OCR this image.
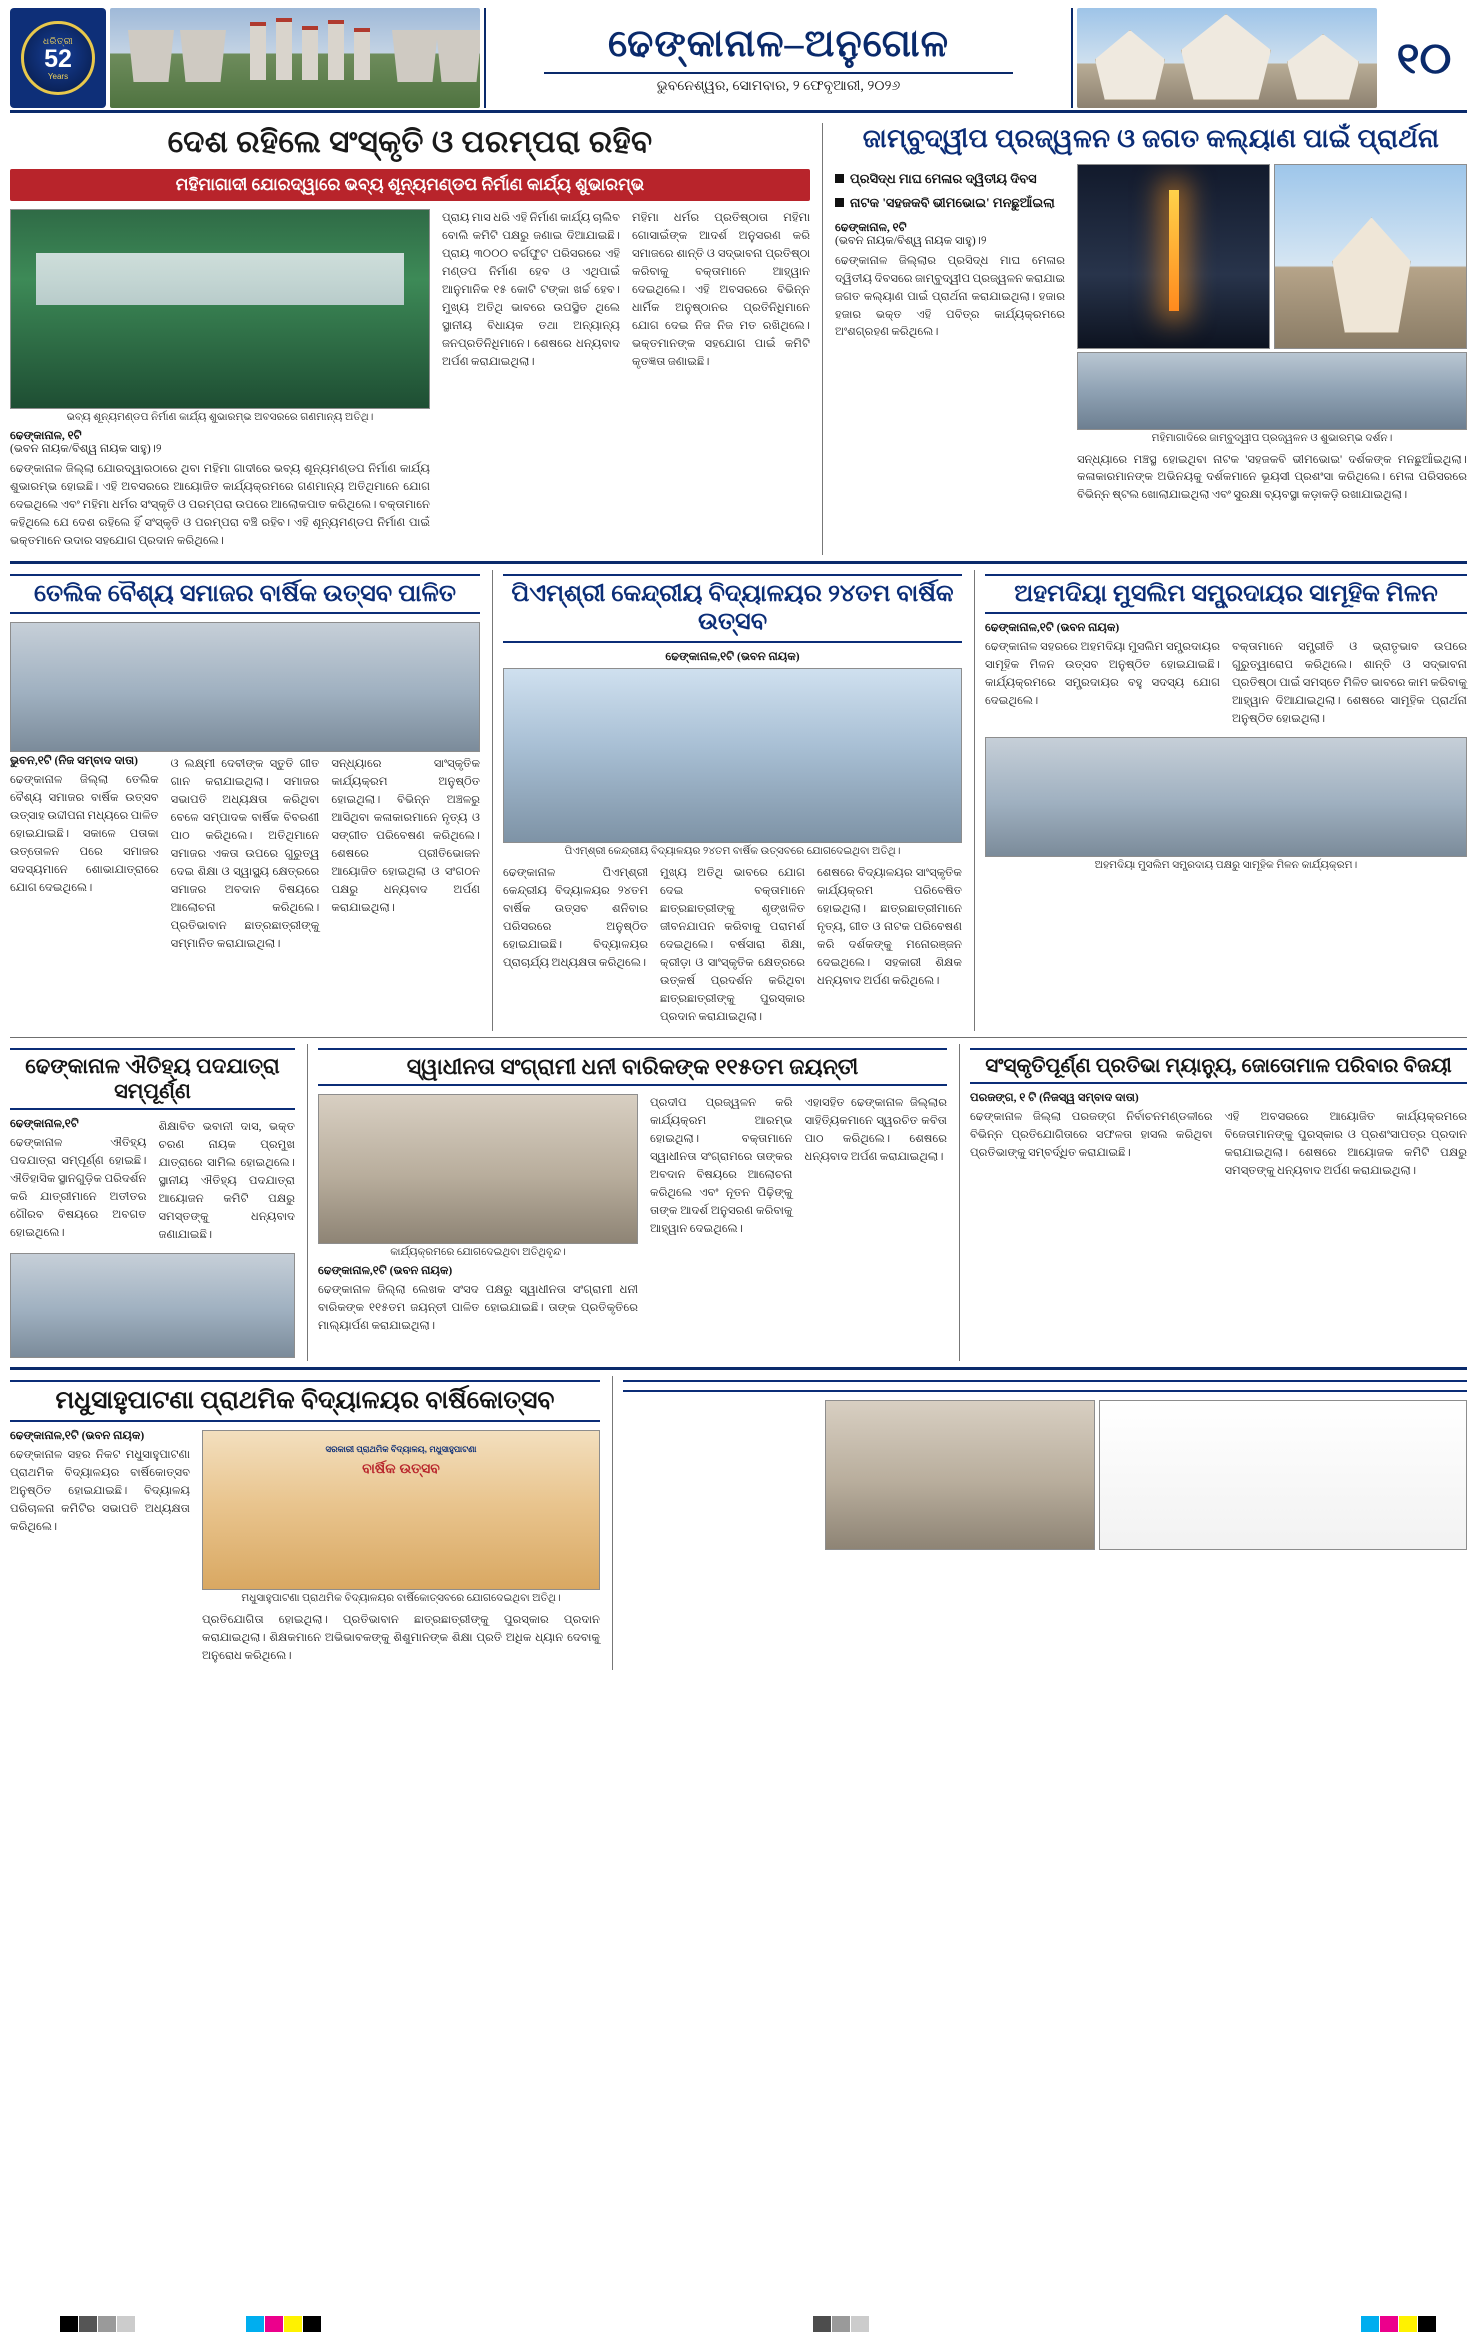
ଧରିତ୍ରୀ
52
Years
ଢେଙ୍କାନାଳ–ଅନୁଗୋଳ
ଭୁବନେଶ୍ୱର, ସୋମବାର, ୨ ଫେବୃଆରୀ, ୨୦୨୬
୧୦
ଦେଶ ରହିଲେ ସଂସ୍କୃତି ଓ ପରମ୍ପରା ରହିବ
ମହିମାଗାଦୀ ଯୋରଦ୍ୱାରେ ଭବ୍ୟ ଶୂନ୍ୟମଣ୍ଡପ ନିର୍ମାଣ କାର୍ଯ୍ୟ ଶୁଭାରମ୍ଭ
ଭବ୍ୟ ଶୂନ୍ୟମଣ୍ଡପ ନିର୍ମାଣ କାର୍ଯ୍ୟ ଶୁଭାରମ୍ଭ ଅବସରରେ ଗଣମାନ୍ୟ ଅତିଥି।
ଢେଙ୍କାନାଳ, ୧ଟି
(ଭବନ ନାୟକ/ବିଶ୍ୱ ନାୟକ ସାହୁ)।୨

ଢେଙ୍କାନାଳ ଜିଲ୍ଲା ଯୋରଦ୍ୱାରଠାରେ ଥିବା ମହିମା ଗାଦୀରେ ଭବ୍ୟ ଶୂନ୍ୟମଣ୍ଡପ ନିର୍ମାଣ କାର୍ଯ୍ୟ ଶୁଭାରମ୍ଭ ହୋଇଛି। ଏହି ଅବସରରେ ଆୟୋଜିତ କାର୍ଯ୍ୟକ୍ରମରେ ଗଣମାନ୍ୟ ଅତିଥିମାନେ ଯୋଗ ଦେଇଥିଲେ ଏବଂ ମହିମା ଧର୍ମର ସଂସ୍କୃତି ଓ ପରମ୍ପରା ଉପରେ ଆଲୋକପାତ କରିଥିଲେ। ବକ୍ତାମାନେ କହିଥିଲେ ଯେ ଦେଶ ରହିଲେ ହିଁ ସଂସ୍କୃତି ଓ ପରମ୍ପରା ବଞ୍ଚି ରହିବ। ଏହି ଶୂନ୍ୟମଣ୍ଡପ ନିର୍ମାଣ ପାଇଁ ଭକ୍ତମାନେ ଉଦାର ସହଯୋଗ ପ୍ରଦାନ କରିଥିଲେ।

ପ୍ରାୟ ମାସ ଧରି ଏହି ନିର୍ମାଣ କାର୍ଯ୍ୟ ଚାଲିବ ବୋଲି କମିଟି ପକ୍ଷରୁ ଜଣାଇ ଦିଆଯାଇଛି। ପ୍ରାୟ ୩୦୦୦ ବର୍ଗଫୁଟ ପରିସରରେ ଏହି ମଣ୍ଡପ ନିର୍ମାଣ ହେବ ଓ ଏଥିପାଇଁ ଆନୁମାନିକ ୧୫ କୋଟି ଟଙ୍କା ଖର୍ଚ୍ଚ ହେବ। ମୁଖ୍ୟ ଅତିଥି ଭାବରେ ଉପସ୍ଥିତ ଥିଲେ ସ୍ଥାନୀୟ ବିଧାୟକ ତଥା ଅନ୍ୟାନ୍ୟ ଜନପ୍ରତିନିଧିମାନେ। ଶେଷରେ ଧନ୍ୟବାଦ ଅର୍ପଣ କରାଯାଇଥିଲା।

ମହିମା ଧର୍ମର ପ୍ରତିଷ୍ଠାତା ମହିମା ଗୋସାଇଁଙ୍କ ଆଦର୍ଶ ଅନୁସରଣ କରି ସମାଜରେ ଶାନ୍ତି ଓ ସଦ୍ଭାବନା ପ୍ରତିଷ୍ଠା କରିବାକୁ ବକ୍ତାମାନେ ଆହ୍ୱାନ ଦେଇଥିଲେ। ଏହି ଅବସରରେ ବିଭିନ୍ନ ଧାର୍ମିକ ଅନୁଷ୍ଠାନର ପ୍ରତିନିଧିମାନେ ଯୋଗ ଦେଇ ନିଜ ନିଜ ମତ ରଖିଥିଲେ। ଭକ୍ତମାନଙ୍କ ସହଯୋଗ ପାଇଁ କମିଟି କୃତଜ୍ଞତା ଜଣାଇଛି।

ଜାମ୍ବୁଦ୍ୱୀପ ପ୍ରଜ୍ୱଳନ ଓ ଜଗତ କଲ୍ୟାଣ ପାଇଁ ପ୍ରାର୍ଥନା
ପ୍ରସିଦ୍ଧ ମାଘ ମେଳାର ଦ୍ୱିତୀୟ ଦିବସ
ନାଟକ 'ସହଜକବି ଭୀମଭୋଇ' ମନଛୁଆଁଇଲା
ଢେଙ୍କାନାଳ, ୧ଟି
(ଭବନ ନାୟକ/ବିଶ୍ୱ ନାୟକ ସାହୁ)।୨

ଢେଙ୍କାନାଳ ଜିଲ୍ଲାର ପ୍ରସିଦ୍ଧ ମାଘ ମେଳାର ଦ୍ୱିତୀୟ ଦିବସରେ ଜାମ୍ବୁଦ୍ୱୀପ ପ୍ରଜ୍ୱଳନ କରାଯାଇ ଜଗତ କଲ୍ୟାଣ ପାଇଁ ପ୍ରାର୍ଥନା କରାଯାଇଥିଲା। ହଜାର ହଜାର ଭକ୍ତ ଏହି ପବିତ୍ର କାର୍ଯ୍ୟକ୍ରମରେ ଅଂଶଗ୍ରହଣ କରିଥିଲେ।

ମହିମାଗାଦିରେ ଜାମ୍ବୁଦ୍ୱୀପ ପ୍ରଜ୍ୱଳନ ଓ ଶୁଭାରମ୍ଭ ଦର୍ଶନ।

ସନ୍ଧ୍ୟାରେ ମଞ୍ଚସ୍ଥ ହୋଇଥିବା ନାଟକ 'ସହଜକବି ଭୀମଭୋଇ' ଦର୍ଶକଙ୍କ ମନଛୁଆଁଇଥିଲା। କଳାକାରମାନଙ୍କ ଅଭିନୟକୁ ଦର୍ଶକମାନେ ଭୂୟସୀ ପ୍ରଶଂସା କରିଥିଲେ। ମେଳା ପରିସରରେ ବିଭିନ୍ନ ଷ୍ଟଲ ଖୋଲାଯାଇଥିଲା ଏବଂ ସୁରକ୍ଷା ବ୍ୟବସ୍ଥା କଡ଼ାକଡ଼ି ରଖାଯାଇଥିଲା।

ତେଲିକ ବୈଶ୍ୟ ସମାଜର ବାର୍ଷିକ ଉତ୍ସବ ପାଳିତ
ଭୁବନ,୧ଟି (ନିଜ ସମ୍ବାଦ ଦାତା)

ଢେଙ୍କାନାଳ ଜିଲ୍ଲା ତେଲିକ ବୈଶ୍ୟ ସମାଜର ବାର୍ଷିକ ଉତ୍ସବ ଉତ୍ସାହ ଉଦ୍ଦୀପନା ମଧ୍ୟରେ ପାଳିତ ହୋଇଯାଇଛି। ସକାଳେ ପତାକା ଉତ୍ତୋଳନ ପରେ ସମାଜର ସଦସ୍ୟମାନେ ଶୋଭାଯାତ୍ରାରେ ଯୋଗ ଦେଇଥିଲେ।

ଓ ଲକ୍ଷ୍ମୀ ଦେବୀଙ୍କ ସ୍ତୁତି ଗୀତ ଗାନ କରାଯାଇଥିଲା। ସମାଜର ସଭାପତି ଅଧ୍ୟକ୍ଷତା କରିଥିବା ବେଳେ ସମ୍ପାଦକ ବାର୍ଷିକ ବିବରଣୀ ପାଠ କରିଥିଲେ। ଅତିଥିମାନେ ସମାଜର ଏକତା ଉପରେ ଗୁରୁତ୍ୱ ଦେଇ ଶିକ୍ଷା ଓ ସ୍ୱାସ୍ଥ୍ୟ କ୍ଷେତ୍ରରେ ସମାଜର ଅବଦାନ ବିଷୟରେ ଆଲୋଚନା କରିଥିଲେ। ପ୍ରତିଭାବାନ ଛାତ୍ରଛାତ୍ରୀଙ୍କୁ ସମ୍ମାନିତ କରାଯାଇଥିଲା।

ସନ୍ଧ୍ୟାରେ ସାଂସ୍କୃତିକ କାର୍ଯ୍ୟକ୍ରମ ଅନୁଷ୍ଠିତ ହୋଇଥିଲା। ବିଭିନ୍ନ ଅଞ୍ଚଳରୁ ଆସିଥିବା କଳାକାରମାନେ ନୃତ୍ୟ ଓ ସଙ୍ଗୀତ ପରିବେଷଣ କରିଥିଲେ। ଶେଷରେ ପ୍ରୀତିଭୋଜନ ଆୟୋଜିତ ହୋଇଥିଲା ଓ ସଂଗଠନ ପକ୍ଷରୁ ଧନ୍ୟବାଦ ଅର୍ପଣ କରାଯାଇଥିଲା।

ପିଏମ୍‌ଶ୍ରୀ କେନ୍ଦ୍ରୀୟ ବିଦ୍ୟାଳୟର ୨୪ତମ ବାର୍ଷିକ ଉତ୍ସବ
ଢେଙ୍କାନାଳ,୧ଟି (ଭବନ ନାୟକ)
ପିଏମ୍‌ଶ୍ରୀ କେନ୍ଦ୍ରୀୟ ବିଦ୍ୟାଳୟର ୨୪ତମ ବାର୍ଷିକ ଉତ୍ସବରେ ଯୋଗଦେଇଥିବା ଅତିଥି।

ଢେଙ୍କାନାଳ ପିଏମ୍‌ଶ୍ରୀ କେନ୍ଦ୍ରୀୟ ବିଦ୍ୟାଳୟର ୨୪ତମ ବାର୍ଷିକ ଉତ୍ସବ ଶନିବାର ପରିସରରେ ଅନୁଷ୍ଠିତ ହୋଇଯାଇଛି। ବିଦ୍ୟାଳୟର ପ୍ରାଚାର୍ଯ୍ୟ ଅଧ୍ୟକ୍ଷତା କରିଥିଲେ।

ମୁଖ୍ୟ ଅତିଥି ଭାବରେ ଯୋଗ ଦେଇ ବକ୍ତାମାନେ ଛାତ୍ରଛାତ୍ରୀଙ୍କୁ ଶୃଙ୍ଖଳିତ ଜୀବନଯାପନ କରିବାକୁ ପରାମର୍ଶ ଦେଇଥିଲେ। ବର୍ଷସାରା ଶିକ୍ଷା, କ୍ରୀଡ଼ା ଓ ସାଂସ୍କୃତିକ କ୍ଷେତ୍ରରେ ଉତ୍କର୍ଷ ପ୍ରଦର୍ଶନ କରିଥିବା ଛାତ୍ରଛାତ୍ରୀଙ୍କୁ ପୁରସ୍କାର ପ୍ରଦାନ କରାଯାଇଥିଲା।

ଶେଷରେ ବିଦ୍ୟାଳୟର ସାଂସ୍କୃତିକ କାର୍ଯ୍ୟକ୍ରମ ପରିବେଷିତ ହୋଇଥିଲା। ଛାତ୍ରଛାତ୍ରୀମାନେ ନୃତ୍ୟ, ଗୀତ ଓ ନାଟକ ପରିବେଷଣ କରି ଦର୍ଶକଙ୍କୁ ମନୋରଞ୍ଜନ ଦେଇଥିଲେ। ସହକାରୀ ଶିକ୍ଷକ ଧନ୍ୟବାଦ ଅର୍ପଣ କରିଥିଲେ।

ଅହମଦିୟା ମୁସଲିମ ସମ୍ପ୍ରଦାୟର ସାମୂହିକ ମିଳନ
ଢେଙ୍କାନାଳ,୧ଟି (ଭବନ ନାୟକ)

ଢେଙ୍କାନାଳ ସହରରେ ଅହମଦିୟା ମୁସଲିମ ସମ୍ପ୍ରଦାୟର ସାମୂହିକ ମିଳନ ଉତ୍ସବ ଅନୁଷ୍ଠିତ ହୋଇଯାଇଛି। କାର୍ଯ୍ୟକ୍ରମରେ ସମ୍ପ୍ରଦାୟର ବହୁ ସଦସ୍ୟ ଯୋଗ ଦେଇଥିଲେ।

ବକ୍ତାମାନେ ସମ୍ପ୍ରୀତି ଓ ଭ୍ରାତୃଭାବ ଉପରେ ଗୁରୁତ୍ୱାରୋପ କରିଥିଲେ। ଶାନ୍ତି ଓ ସଦ୍ଭାବନା ପ୍ରତିଷ୍ଠା ପାଇଁ ସମସ୍ତେ ମିଳିତ ଭାବରେ କାମ କରିବାକୁ ଆହ୍ୱାନ ଦିଆଯାଇଥିଲା। ଶେଷରେ ସାମୂହିକ ପ୍ରାର୍ଥନା ଅନୁଷ୍ଠିତ ହୋଇଥିଲା।

ଅହମଦିୟା ମୁସଲିମ ସମ୍ପ୍ରଦାୟ ପକ୍ଷରୁ ସାମୂହିକ ମିଳନ କାର୍ଯ୍ୟକ୍ରମ।
ଢେଙ୍କାନାଳ ଐତିହ୍ୟ ପଦଯାତ୍ରା ସମ୍ପୂର୍ଣ୍ଣ
ଢେଙ୍କାନାଳ,୧ଟି

ଢେଙ୍କାନାଳ ଐତିହ୍ୟ ପଦଯାତ୍ରା ସମ୍ପୂର୍ଣ୍ଣ ହୋଇଛି। ଐତିହାସିକ ସ୍ଥାନଗୁଡ଼ିକ ପରିଦର୍ଶନ କରି ଯାତ୍ରୀମାନେ ଅତୀତର ଗୌରବ ବିଷୟରେ ଅବଗତ ହୋଇଥିଲେ।

ଶିକ୍ଷାବିତ ଭବାନୀ ଦାସ, ଭକ୍ତ ଚରଣ ନାୟକ ପ୍ରମୁଖ ଯାତ୍ରାରେ ସାମିଲ ହୋଇଥିଲେ। ସ୍ଥାନୀୟ ଐତିହ୍ୟ ପଦଯାତ୍ରା ଆୟୋଜନ କମିଟି ପକ୍ଷରୁ ସମସ୍ତଙ୍କୁ ଧନ୍ୟବାଦ ଜଣାଯାଇଛି।

ସ୍ୱାଧୀନତା ସଂଗ୍ରାମୀ ଧନୀ ବାରିକଙ୍କ ୧୧୫ତମ ଜୟନ୍ତୀ
କାର୍ଯ୍ୟକ୍ରମରେ ଯୋଗଦେଇଥିବା ଅତିଥିବୃନ୍ଦ।
ଢେଙ୍କାନାଳ,୧ଟି (ଭବନ ନାୟକ)

ଢେଙ୍କାନାଳ ଜିଲ୍ଲା ଲେଖକ ସଂସଦ ପକ୍ଷରୁ ସ୍ୱାଧୀନତା ସଂଗ୍ରାମୀ ଧନୀ ବାରିକଙ୍କ ୧୧୫ତମ ଜୟନ୍ତୀ ପାଳିତ ହୋଇଯାଇଛି। ତାଙ୍କ ପ୍ରତିକୃତିରେ ମାଲ୍ୟାର୍ପଣ କରାଯାଇଥିଲା।

ପ୍ରଦୀପ ପ୍ରଜ୍ୱଳନ କରି କାର୍ଯ୍ୟକ୍ରମ ଆରମ୍ଭ ହୋଇଥିଲା। ବକ୍ତାମାନେ ସ୍ୱାଧୀନତା ସଂଗ୍ରାମରେ ତାଙ୍କର ଅବଦାନ ବିଷୟରେ ଆଲୋଚନା କରିଥିଲେ ଏବଂ ନୂତନ ପିଢ଼ିଙ୍କୁ ତାଙ୍କ ଆଦର୍ଶ ଅନୁସରଣ କରିବାକୁ ଆହ୍ୱାନ ଦେଇଥିଲେ।

ଏହାସହିତ ଢେଙ୍କାନାଳ ଜିଲ୍ଲାର ସାହିତ୍ୟିକମାନେ ସ୍ୱରଚିତ କବିତା ପାଠ କରିଥିଲେ। ଶେଷରେ ଧନ୍ୟବାଦ ଅର୍ପଣ କରାଯାଇଥିଲା।

ସଂସ୍କୃତିପୂର୍ଣ୍ଣ ପ୍ରତିଭା ମ୍ୟାନ୍ୟୁ, ଜୋତୋମାଳ ପରିବାର ବିଜୟୀ
ପରଜଙ୍ଗ, ୧ ଟି (ନିଜସ୍ୱ ସମ୍ବାଦ ଦାତା)

ଢେଙ୍କାନାଳ ଜିଲ୍ଲା ପରଜଙ୍ଗ ନିର୍ବାଚନମଣ୍ଡଳୀରେ ବିଭିନ୍ନ ପ୍ରତିଯୋଗିତାରେ ସଫଳତା ହାସଲ କରିଥିବା ପ୍ରତିଭାଙ୍କୁ ସମ୍ବର୍ଦ୍ଧିତ କରାଯାଇଛି।

ଏହି ଅବସରରେ ଆୟୋଜିତ କାର୍ଯ୍ୟକ୍ରମରେ ବିଜେତାମାନଙ୍କୁ ପୁରସ୍କାର ଓ ପ୍ରଶଂସାପତ୍ର ପ୍ରଦାନ କରାଯାଇଥିଲା। ଶେଷରେ ଆୟୋଜକ କମିଟି ପକ୍ଷରୁ ସମସ୍ତଙ୍କୁ ଧନ୍ୟବାଦ ଅର୍ପଣ କରାଯାଇଥିଲା।

ମଧୁସାହୁପାଟଣା ପ୍ରାଥମିକ ବିଦ୍ୟାଳୟର ବାର୍ଷିକୋତ୍ସବ
ଢେଙ୍କାନାଳ,୧ଟି (ଭବନ ନାୟକ)

ଢେଙ୍କାନାଳ ସହର ନିକଟ ମଧୁସାହୁପାଟଣା ପ୍ରାଥମିକ ବିଦ୍ୟାଳୟର ବାର୍ଷିକୋତ୍ସବ ଅନୁଷ୍ଠିତ ହୋଇଯାଇଛି। ବିଦ୍ୟାଳୟ ପରିଚାଳନା କମିଟିର ସଭାପତି ଅଧ୍ୟକ୍ଷତା କରିଥିଲେ।

ସରକାରୀ ପ୍ରାଥମିକ ବିଦ୍ୟାଳୟ, ମଧୁସାହୁପାଟଣା
ବାର୍ଷିକ ଉତ୍ସବ
ମଧୁସାହୁପାଟଣା ପ୍ରାଥମିକ ବିଦ୍ୟାଳୟର ବାର୍ଷିକୋତ୍ସବରେ ଯୋଗଦେଇଥିବା ଅତିଥି।

ପ୍ରତିଯୋଗିତା ହୋଇଥିଲା। ପ୍ରତିଭାବାନ ଛାତ୍ରଛାତ୍ରୀଙ୍କୁ ପୁରସ୍କାର ପ୍ରଦାନ କରାଯାଇଥିଲା। ଶିକ୍ଷକମାନେ ଅଭିଭାବକଙ୍କୁ ଶିଶୁମାନଙ୍କ ଶିକ୍ଷା ପ୍ରତି ଅଧିକ ଧ୍ୟାନ ଦେବାକୁ ଅନୁରୋଧ କରିଥିଲେ।
